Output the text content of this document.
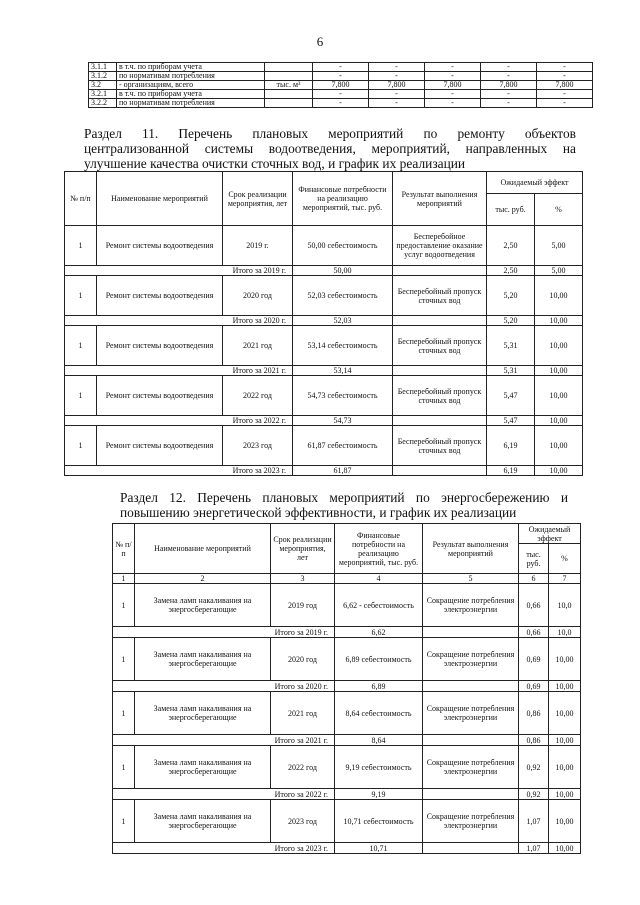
6
3.1.1	в т.ч. по приборам учета		-	-	-	-	-
3.1.2	по нормативам потребления		-	-	-	-	-
3.2	- организациям, всего	тыс. м³	7,800	7,800	7,800	7,800	7,800
3.2.1	в т.ч. по приборам учета		-	-	-	-	-
3.2.2	по нормативам потребления		-	-	-	-	-
Раздел 11. Перечень плановых мероприятий по ремонту объектов
централизованной системы водоотведения, мероприятий, направленных на
улучшение качества очистки сточных вод, и график их реализации
№ п/п	Наименование мероприятий	Срок реализации мероприятия, лет	Финансовые потребности на реализацию мероприятий, тыс. руб.	Результат выполнения мероприятий	Ожидаемый эффект	
					тыс. руб.	%
1	Ремонт системы водоотведения	2019 г.	50,00 себестоимость	Бесперебойное предоставление оказание услуг водоотведения	2,50	5,00
Итого за 2019 г.			50,00		2,50	5,00
1	Ремонт системы водоотведения	2020 год	52,03 себестоимость	Бесперебойный пропуск сточных вод	5,20	10,00
Итого за 2020 г.			52,03		5,20	10,00
1	Ремонт системы водоотведения	2021 год	53,14 себестоимость	Бесперебойный пропуск сточных вод	5,31	10,00
Итого за 2021 г.			53,14		5,31	10,00
1	Ремонт системы водоотведения	2022 год	54,73 себестоимость	Бесперебойный пропуск сточных вод	5,47	10,00
Итого за 2022 г.			54,73		5,47	10,00
1	Ремонт системы водоотведения	2023 год	61,87 себестоимость	Бесперебойный пропуск сточных вод	6,19	10,00
Итого за 2023 г.			61,87		6,19	10,00
Раздел 12. Перечень плановых мероприятий по энергосбережению и
повышению энергетической эффективности, и график их реализации
№ п/п	Наименование мероприятий	Срок реализации мероприятия, лет	Финансовые потребности на реализацию мероприятий, тыс. руб.	Результат выполнения мероприятий	Ожидаемый эффект	
					тыс. руб.	%
1	2	3	4	5	6	7
1	Замена ламп накаливания на энергосберегающие	2019 год	6,62 - себестоимость	Сокращение потребления электроэнергии	0,66	10,0
Итого за 2019 г.			6,62		0,66	10,0
1	Замена ламп накаливания на энергосберегающие	2020 год	6,89 себестоимость	Сокращение потребления электроэнергии	0,69	10,00
Итого за 2020 г.			6,89		0,69	10,00
1	Замена ламп накаливания на энергосберегающие	2021 год	8,64 себестоимость	Сокращение потребления электроэнергии	0,86	10,00
Итого за 2021 г.			8,64		0,86	10,00
1	Замена ламп накаливания на энергосберегающие	2022 год	9,19 себестоимость	Сокращение потребления электроэнергии	0,92	10,00
Итого за 2022 г.			9,19		0,92	10,00
1	Замена ламп накаливания на энергосберегающие	2023 год	10,71 себестоимость	Сокращение потребления электроэнергии	1,07	10,00
Итого за 2023 г.			10,71		1,07	10,00
